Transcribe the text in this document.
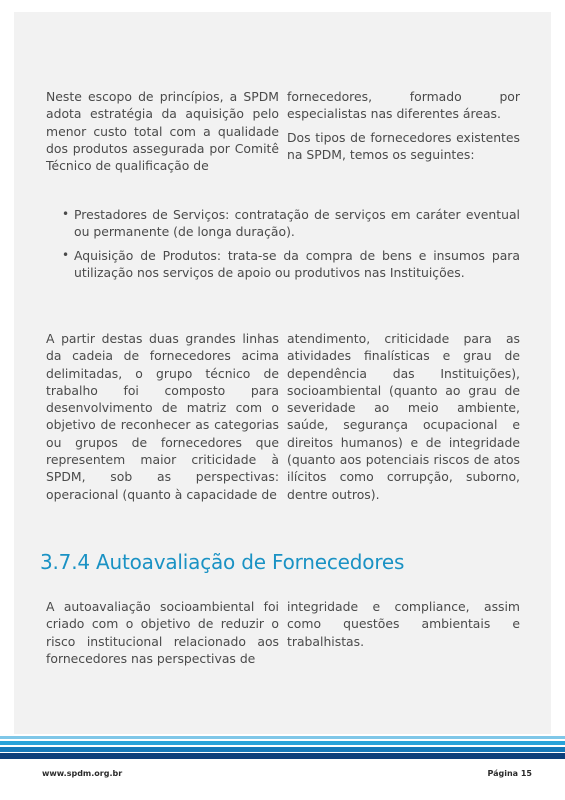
Neste escopo de princípios, a SPDM adota estratégia da aquisição pelo menor custo total com a qualidade dos produtos assegurada por Comitê Técnico de qualificação de

fornecedores, formado por especialistas nas diferentes áreas.

Dos tipos de fornecedores existentes na SPDM, temos os seguintes:

• Prestadores de Serviços: contratação de serviços em caráter eventual ou permanente (de longa duração).
• Aquisição de Produtos: trata-se da compra de bens e insumos para utilização nos serviços de apoio ou produtivos nas Instituições.

A partir destas duas grandes linhas da cadeia de fornecedores acima delimitadas, o grupo técnico de trabalho foi composto para desenvolvimento de matriz com o objetivo de reconhecer as categorias ou grupos de fornecedores que representem maior criticidade à SPDM, sob as perspectivas: operacional (quanto à capacidade de

atendimento, criticidade para as atividades finalísticas e grau de dependência das Instituições), socioambiental (quanto ao grau de severidade ao meio ambiente, saúde, segurança ocupacional e direitos humanos) e de integridade (quanto aos potenciais riscos de atos ilícitos como corrupção, suborno, dentre outros).

3.7.4 Autoavaliação de Fornecedores

A autoavaliação socioambiental foi criado com o objetivo de reduzir o risco institucional relacionado aos fornecedores nas perspectivas de

integridade e compliance, assim como questões ambientais e trabalhistas.

www.spdm.org.br	Página 15
